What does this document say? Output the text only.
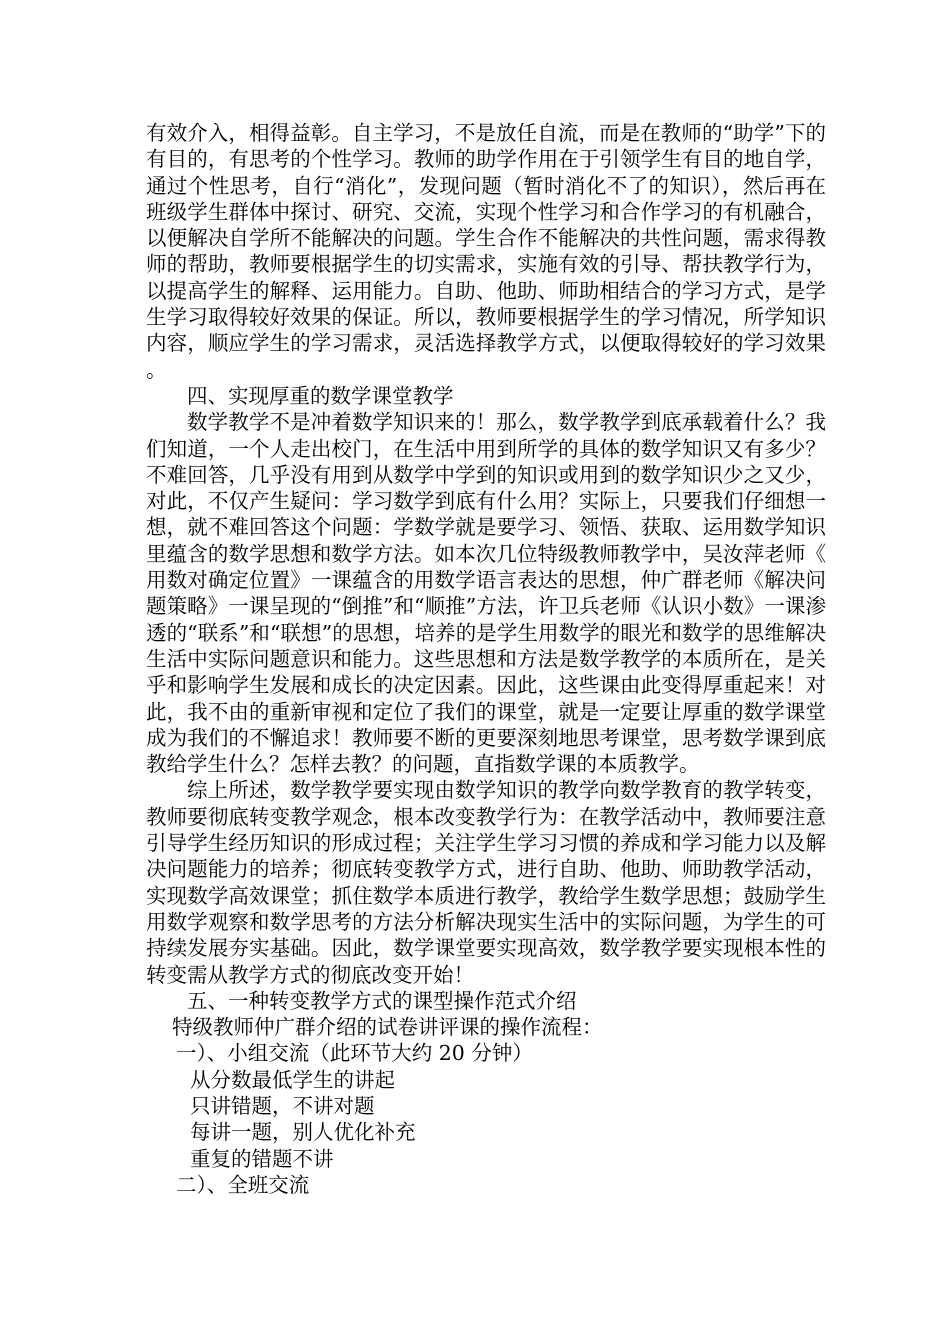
有效介入，相得益彰。自主学习，不是放任自流，而是在教师的“助学”下的有目的，有思考的个性学习。教师的助学作用在于引领学生有目的地自学，通过个性思考，自行“消化”，发现问题（暂时消化不了的知识），然后再在班级学生群体中探讨、研究、交流，实现个性学习和合作学习的有机融合，以便解决自学所不能解决的问题。学生合作不能解决的共性问题，需求得教师的帮助，教师要根据学生的切实需求，实施有效的引导、帮扶教学行为，以提高学生的解释、运用能力。自助、他助、师助相结合的学习方式，是学生学习取得较好效果的保证。所以，教师要根据学生的学习情况，所学知识内容，顺应学生的学习需求，灵活选择教学方式，以便取得较好的学习效果。

四、实现厚重的数学课堂教学

数学教学不是冲着数学知识来的！那么，数学教学到底承载着什么？我们知道，一个人走出校门，在生活中用到所学的具体的数学知识又有多少？不难回答，几乎没有用到从数学中学到的知识或用到的数学知识少之又少，对此，不仅产生疑问：学习数学到底有什么用？实际上，只要我们仔细想一想，就不难回答这个问题：学数学就是要学习、领悟、获取、运用数学知识里蕴含的数学思想和数学方法。如本次几位特级教师教学中，吴汝萍老师《用数对确定位置》一课蕴含的用数学语言表达的思想，仲广群老师《解决问题策略》一课呈现的“倒推”和“顺推”方法，许卫兵老师《认识小数》一课渗透的“联系”和“联想”的思想，培养的是学生用数学的眼光和数学的思维解决生活中实际问题意识和能力。这些思想和方法是数学教学的本质所在，是关乎和影响学生发展和成长的决定因素。因此，这些课由此变得厚重起来！对此，我不由的重新审视和定位了我们的课堂，就是一定要让厚重的数学课堂成为我们的不懈追求！教师要不断的更要深刻地思考课堂，思考数学课到底教给学生什么？怎样去教？的问题，直指数学课的本质教学。

综上所述，数学教学要实现由数学知识的教学向数学教育的教学转变，教师要彻底转变教学观念，根本改变教学行为：在教学活动中，教师要注意引导学生经历知识的形成过程；关注学生学习习惯的养成和学习能力以及解决问题能力的培养；彻底转变教学方式，进行自助、他助、师助教学活动，实现数学高效课堂；抓住数学本质进行教学，教给学生数学思想；鼓励学生用数学观察和数学思考的方法分析解决现实生活中的实际问题，为学生的可持续发展夯实基础。因此，数学课堂要实现高效，数学教学要实现根本性的转变需从教学方式的彻底改变开始！

五、一种转变教学方式的课型操作范式介绍

特级教师仲广群介绍的试卷讲评课的操作流程：

一）、小组交流（此环节大约 20 分钟）

从分数最低学生的讲起

只讲错题，不讲对题

每讲一题，别人优化补充

重复的错题不讲

二）、全班交流
